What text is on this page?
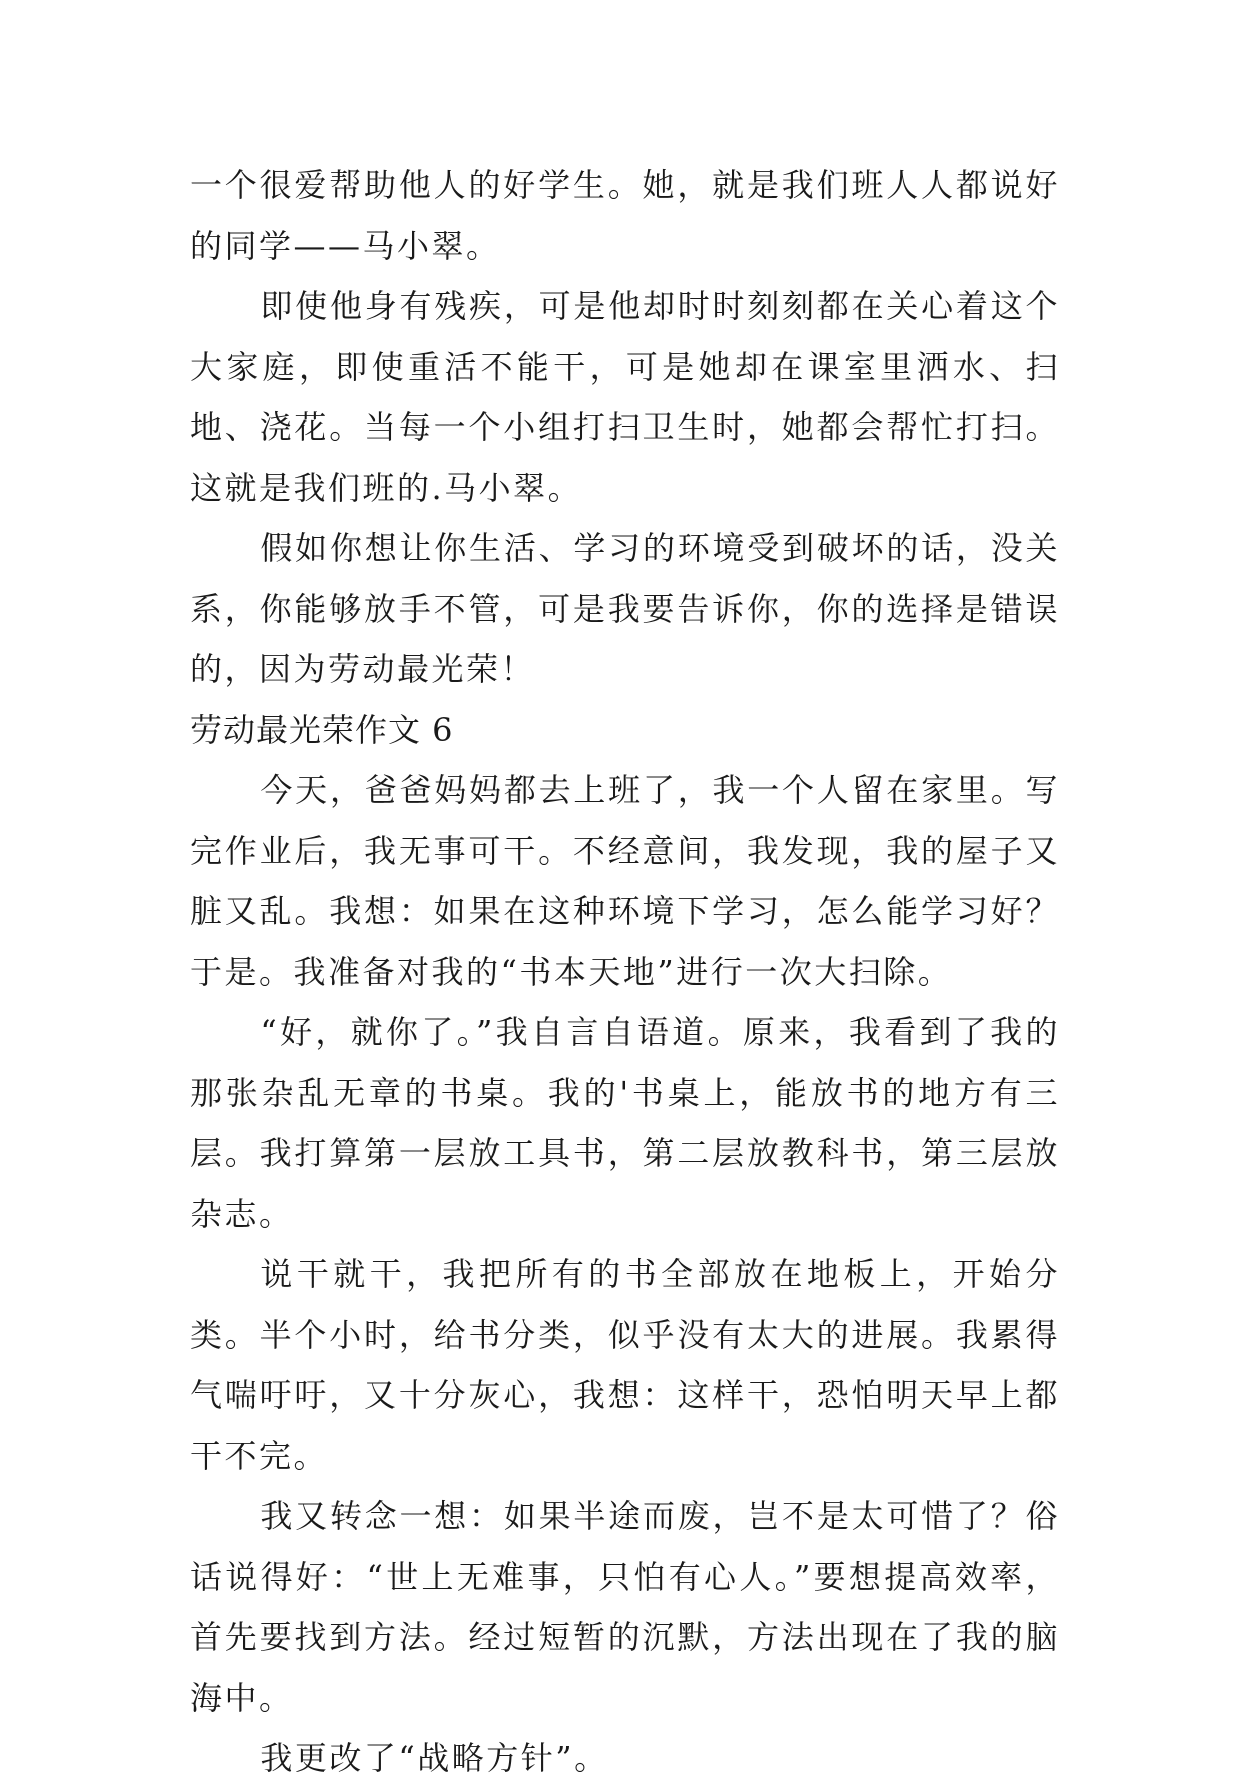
一个很爱帮助他人的好学生。她，就是我们班人人都说好的同学——马小翠。

即使他身有残疾，可是他却时时刻刻都在关心着这个大家庭，即使重活不能干，可是她却在课室里洒水、扫地、浇花。当每一个小组打扫卫生时，她都会帮忙打扫。这就是我们班的.马小翠。

假如你想让你生活、学习的环境受到破坏的话，没关系，你能够放手不管，可是我要告诉你，你的选择是错误的，因为劳动最光荣！

劳动最光荣作文 6

今天，爸爸妈妈都去上班了，我一个人留在家里。写完作业后，我无事可干。不经意间，我发现，我的屋子又脏又乱。我想：如果在这种环境下学习，怎么能学习好？于是。我准备对我的“书本天地”进行一次大扫除。

“好，就你了。”我自言自语道。原来，我看到了我的那张杂乱无章的书桌。我的'书桌上，能放书的地方有三层。我打算第一层放工具书，第二层放教科书，第三层放杂志。

说干就干，我把所有的书全部放在地板上，开始分类。半个小时，给书分类，似乎没有太大的进展。我累得气喘吁吁，又十分灰心，我想：这样干，恐怕明天早上都干不完。

我又转念一想：如果半途而废，岂不是太可惜了？俗话说得好：“世上无难事，只怕有心人。”要想提高效率，首先要找到方法。经过短暂的沉默，方法出现在了我的脑海中。

我更改了“战略方针”。
